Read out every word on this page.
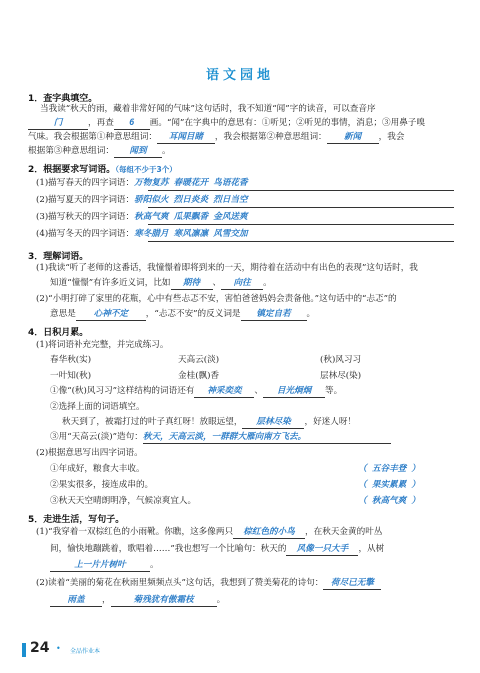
语文园地
1．查字典填空。
当我读“秋天的雨，藏着非常好闻的气味”这句话时，我不知道“闻”字的读音，可以查音序
门	，再查 6 画。“闻”在字典中的意思有：①听见；②听见的事情，消息；③用鼻子嗅
气味。我会根据第①种意思组词： 耳闻目睹 ，我会根据第②种意思组词： 新闻 ，我会
根据第③种意思组词： 闻到 。
2．根据要求写词语。（每组不少于3个）
(1)描写春天的四字词语：万物复苏 春暖花开 鸟语花香
(2)描写夏天的四字词语：骄阳似火 烈日炎炎 烈日当空
(3)描写秋天的四字词语：秋高气爽 瓜果飘香 金风送爽
(4)描写冬天的四字词语：寒冬腊月 寒风凛凛 风雪交加
3．理解词语。
(1)我读“听了老师的这番话，我憧憬着即将到来的一天，期待着在活动中有出色的表现”这句话时，我
知道“憧憬”有许多近义词，比如 期待 、 向往 。
(2)“小明打碎了家里的花瓶，心中有些忐忑不安，害怕爸爸妈妈会责备他。”这句话中的“忐忑”的
意思是 心神不定 ，“忐忑不安”的反义词是 镇定自若 。
4．日积月累。
(1)将词语补充完整，并完成练习。
春华秋(实)	天高云(淡)	(秋)风习习
一叶知(秋)	金桂(飘)香	层林尽(染)
①像“(秋)风习习”这样结构的词语还有 神采奕奕 、 目光炯炯 等。
②选择上面的词语填空。
秋天到了，被霜打过的叶子真红呀！放眼远望， 层林尽染 ，好迷人呀！
③用“天高云(淡)”造句：秋天，天高云淡，一群群大雁向南方飞去。
(2)根据意思写出四字词语。
①年成好，粮食大丰收。	（ 五谷丰登 ）
②果实很多，接连成串的。	（ 果实累累 ）
③秋天天空晴朗明净，气候凉爽宜人。	（ 秋高气爽 ）
5．走进生活，写句子。
(1)“我穿着一双棕红色的小雨靴。你瞧，这多像两只 棕红色的小鸟 ，在秋天金黄的叶丛
间，愉快地蹦跳着，歌唱着……”我也想写一个比喻句：秋天的 风像一只大手 ，从树
上一片片树叶	。
(2)读着“美丽的菊花在秋雨里频频点头”这句话，我想到了赞美菊花的诗句： 荷尽已无擎
雨盖 ，	菊残犹有傲霜枝	。
24 • 全品作业本
